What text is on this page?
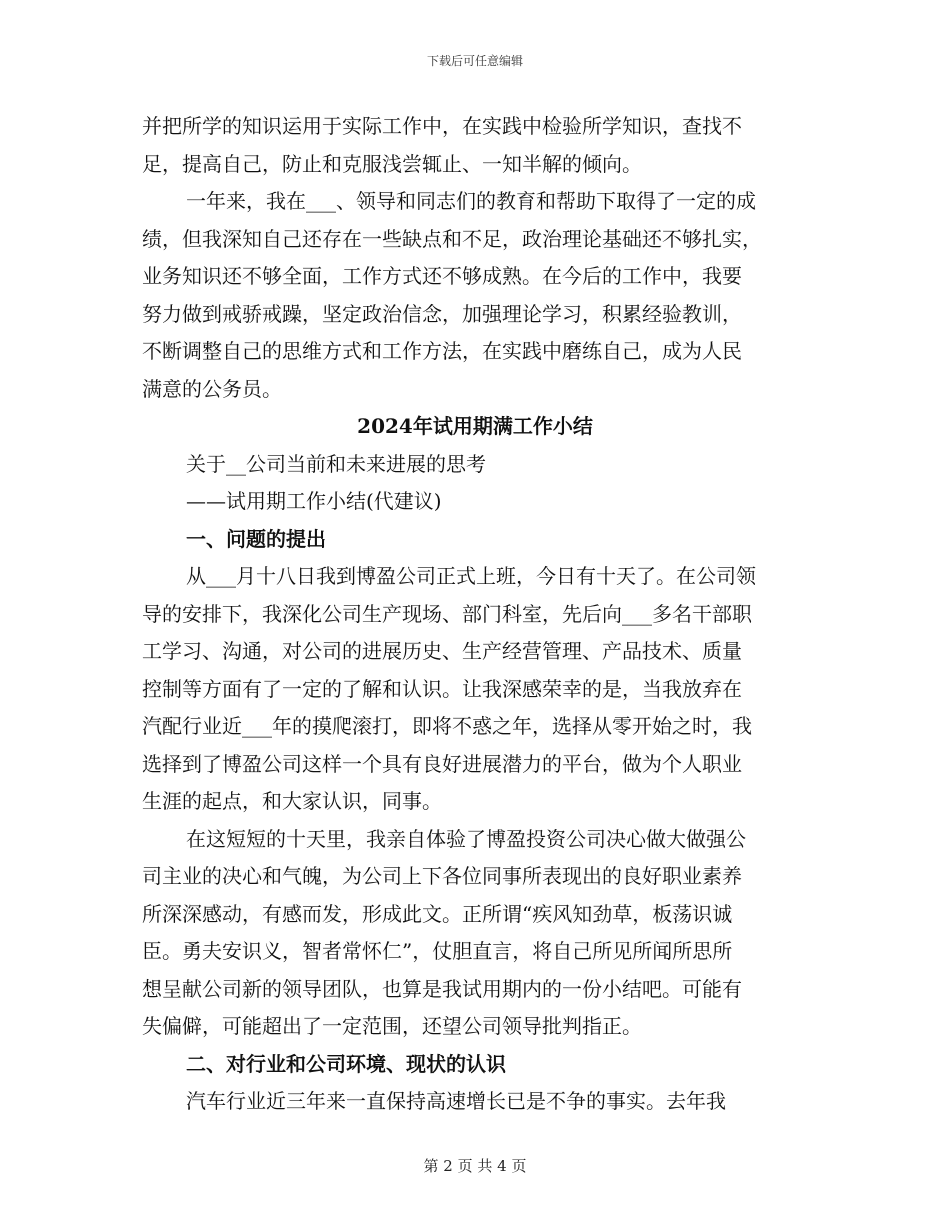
下载后可任意编辑

并把所学的知识运用于实际工作中，在实践中检验所学知识，查找不
足，提高自己，防止和克服浅尝辄止、一知半解的倾向。

一年来，我在___、领导和同志们的教育和帮助下取得了一定的成
绩，但我深知自己还存在一些缺点和不足，政治理论基础还不够扎实，
业务知识还不够全面，工作方式还不够成熟。在今后的工作中，我要
努力做到戒骄戒躁，坚定政治信念，加强理论学习，积累经验教训，
不断调整自己的思维方式和工作方法，在实践中磨练自己，成为人民
满意的公务员。

2024年试用期满工作小结

关于__公司当前和未来进展的思考

——试用期工作小结(代建议)

一、问题的提出

从___月十八日我到博盈公司正式上班，今日有十天了。在公司领
导的安排下，我深化公司生产现场、部门科室，先后向___多名干部职
工学习、沟通，对公司的进展历史、生产经营管理、产品技术、质量
控制等方面有了一定的了解和认识。让我深感荣幸的是，当我放弃在
汽配行业近___年的摸爬滚打，即将不惑之年，选择从零开始之时，我
选择到了博盈公司这样一个具有良好进展潜力的平台，做为个人职业
生涯的起点，和大家认识，同事。

在这短短的十天里，我亲自体验了博盈投资公司决心做大做强公
司主业的决心和气魄，为公司上下各位同事所表现出的良好职业素养
所深深感动，有感而发，形成此文。正所谓“疾风知劲草，板荡识诚
臣。勇夫安识义，智者常怀仁”，仗胆直言，将自己所见所闻所思所
想呈献公司新的领导团队，也算是我试用期内的一份小结吧。可能有
失偏僻，可能超出了一定范围，还望公司领导批判指正。

二、对行业和公司环境、现状的认识

汽车行业近三年来一直保持高速增长已是不争的事实。去年我

第 2 页 共 4 页
